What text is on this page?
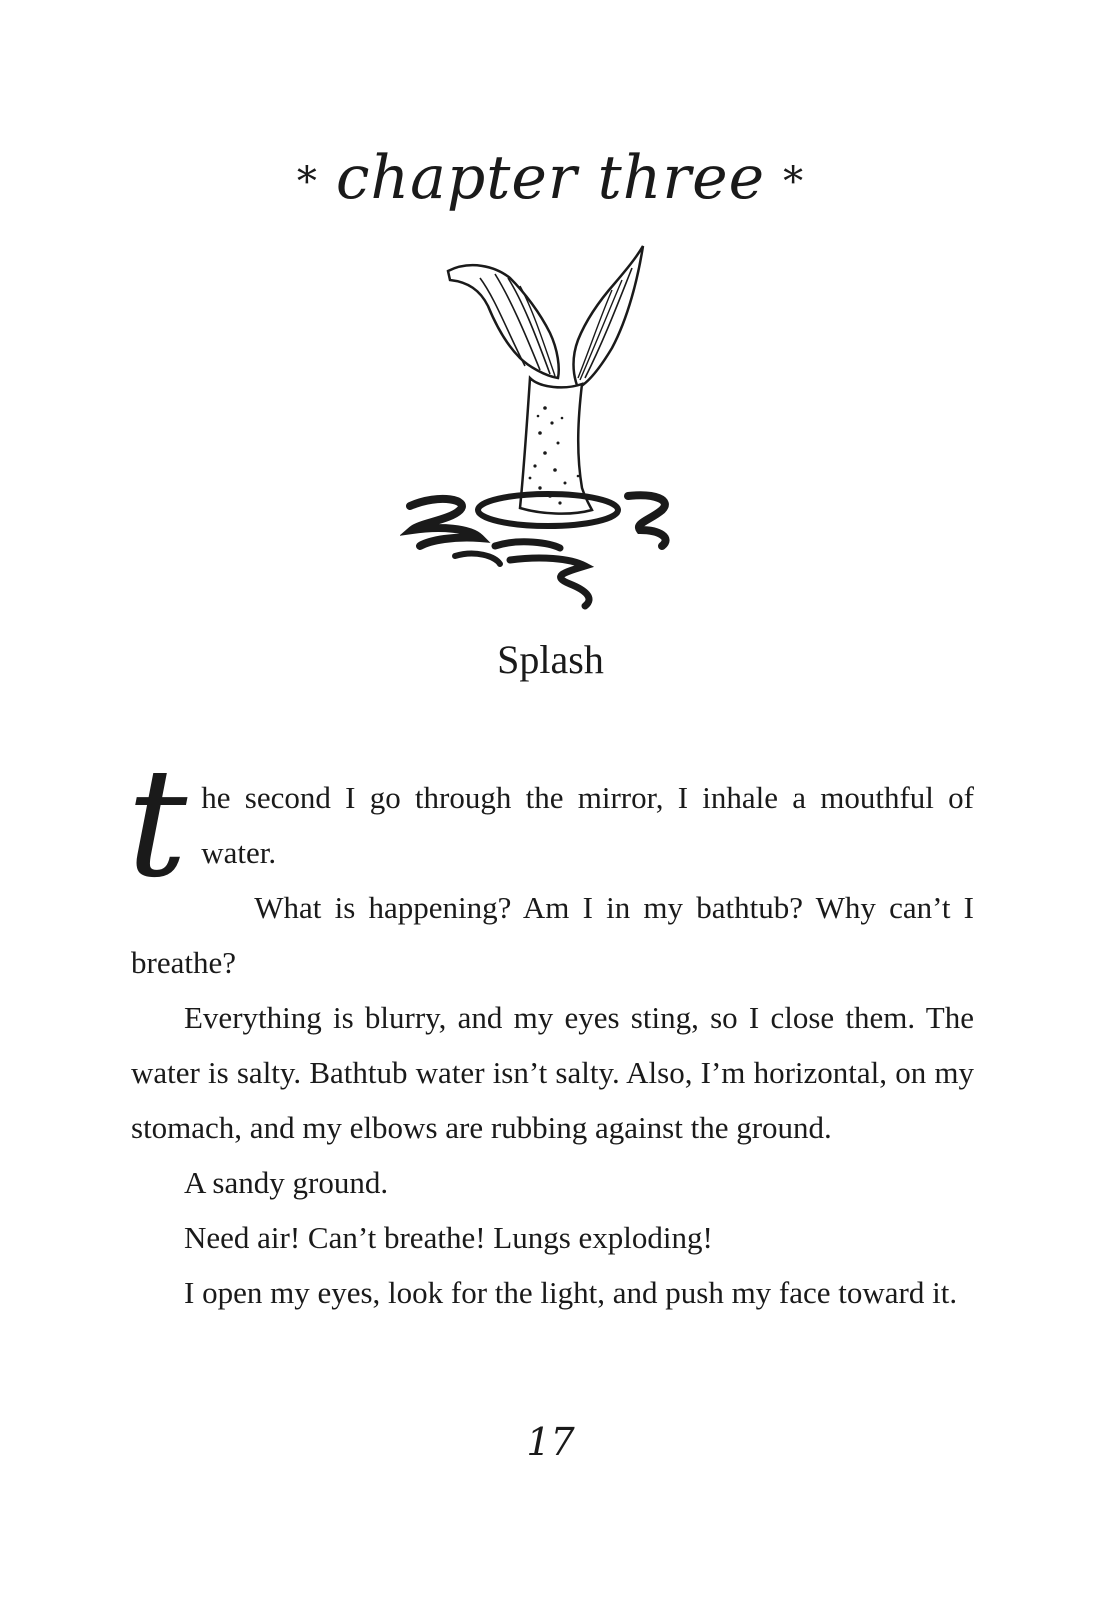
* chapter three *
Splash

the second I go through the mirror, I inhale a mouthful of water.

What is happening? Am I in my bathtub? Why can’t I breathe?

Everything is blurry, and my eyes sting, so I close them. The water is salty. Bathtub water isn’t salty. Also, I’m horizontal, on my stomach, and my elbows are rubbing against the ground.

A sandy ground.

Need air! Can’t breathe! Lungs exploding!

I open my eyes, look for the light, and push my face toward it.

17
